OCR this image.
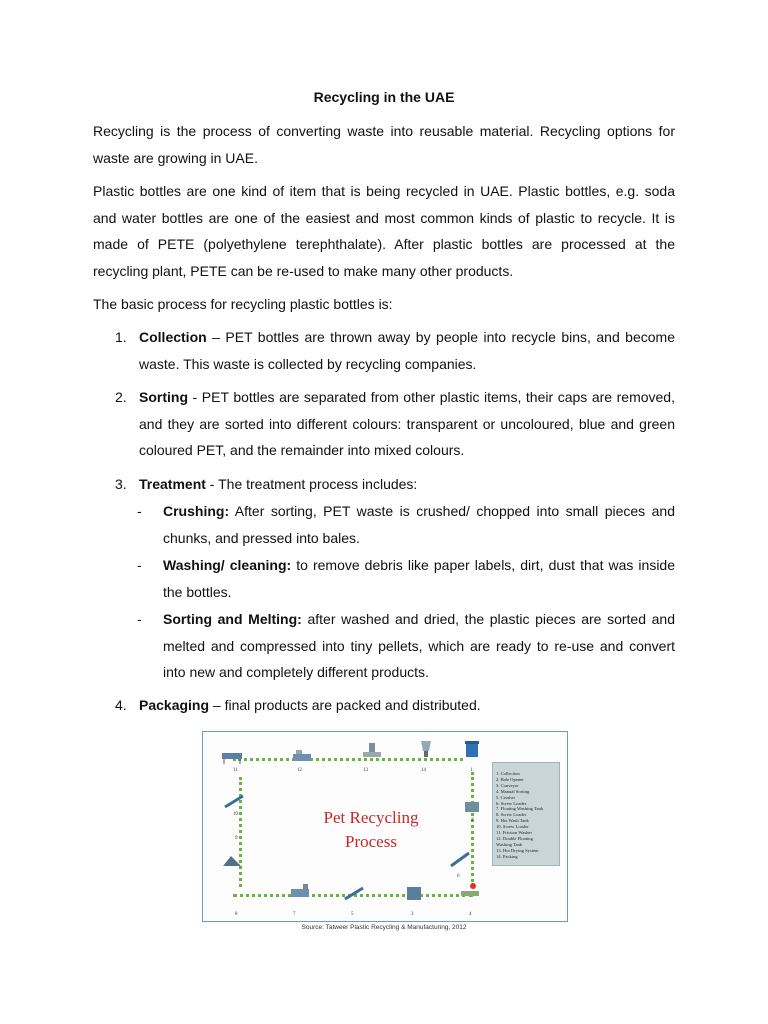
Recycling in the UAE
Recycling is the process of converting waste into reusable material. Recycling options for waste are growing in UAE.
Plastic bottles are one kind of item that is being recycled in UAE. Plastic bottles, e.g. soda and water bottles are one of the easiest and most common kinds of plastic to recycle. It is made of PETE (polyethylene terephthalate). After plastic bottles are processed at the recycling plant, PETE can be re-used to make many other products.
The basic process for recycling plastic bottles is:
1. Collection – PET bottles are thrown away by people into recycle bins, and become waste. This waste is collected by recycling companies.
2. Sorting - PET bottles are separated from other plastic items, their caps are removed, and they are sorted into different colours: transparent or uncoloured, blue and green coloured PET, and the remainder into mixed colours.
3. Treatment - The treatment process includes:
- Crushing: After sorting, PET waste is crushed/ chopped into small pieces and chunks, and pressed into bales.
- Washing/ cleaning: to remove debris like paper labels, dirt, dust that was inside the bottles.
- Sorting and Melting: after washed and dried, the plastic pieces are sorted and melted and compressed into tiny pellets, which are ready to re-use and convert into new and completely different products.
4. Packaging – final products are packed and distributed.
11	12	13	14	1
2
3	4
5
6
7
8
9
10	Pet Recycling
Process
1. Collection
2. Bale Opener
3. Conveyor
4. Manual Sorting
5. Crusher
6. Screw Loader
7. Floating Washing Tank
8. Screw Loader
9. Hot Wash Tank
10. Screw Loader
11. Friction Washer
12. Double Floating
Washing Tank
13. Hot Drying System
14. Packing
Source: Tatweer Plastic Recycling & Manufacturing, 2012
